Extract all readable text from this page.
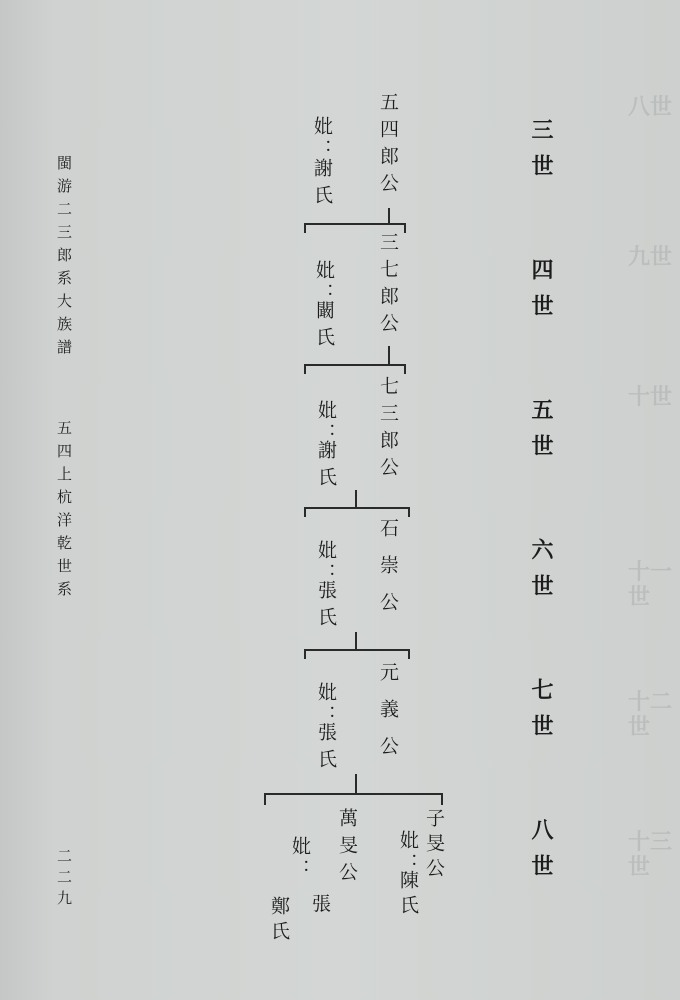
八世
九世
十世
十一世
十二世
十三世
閩游二三郎系大族譜
五四上杭洋乾世系
二二九
三世
四世
五世
六世
七世
八世
五四郎公
妣：
謝氏
三七郎公
妣：
闞氏
七三郎公
妣：
謝氏
石崇公
妣：
張氏
元義公
妣：
張氏
子旻公
妣：
陳氏
萬旻公
妣：
張
鄭氏
